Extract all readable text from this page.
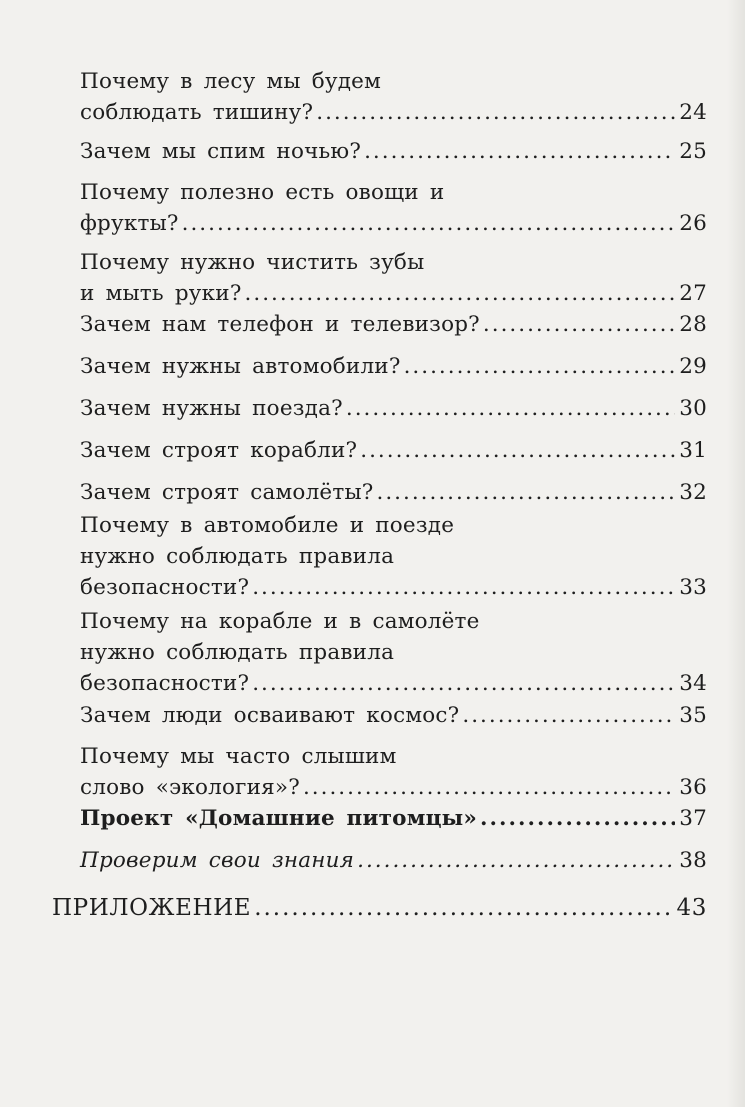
Почему в лесу мы будем
соблюдать тишину? .....	24
Зачем мы спим ночью? .....	25
Почему полезно есть овощи и
фрукты? .....	26
Почему нужно чистить зубы
и мыть руки? .....	27
Зачем нам телефон и телевизор? .....	28
Зачем нужны автомобили? .....	29
Зачем нужны поезда? .....	30
Зачем строят корабли? .....	31
Зачем строят самолёты? .....	32
Почему в автомобиле и поезде
нужно соблюдать правила
безопасности? .....	33
Почему на корабле и в самолёте
нужно соблюдать правила
безопасности? .....	34
Зачем люди осваивают космос? .....	35
Почему мы часто слышим
слово «экология»? .....	36
Проект «Домашние питомцы» .....	37
Проверим свои знания .....	38
ПРИЛОЖЕНИЕ .....	43
